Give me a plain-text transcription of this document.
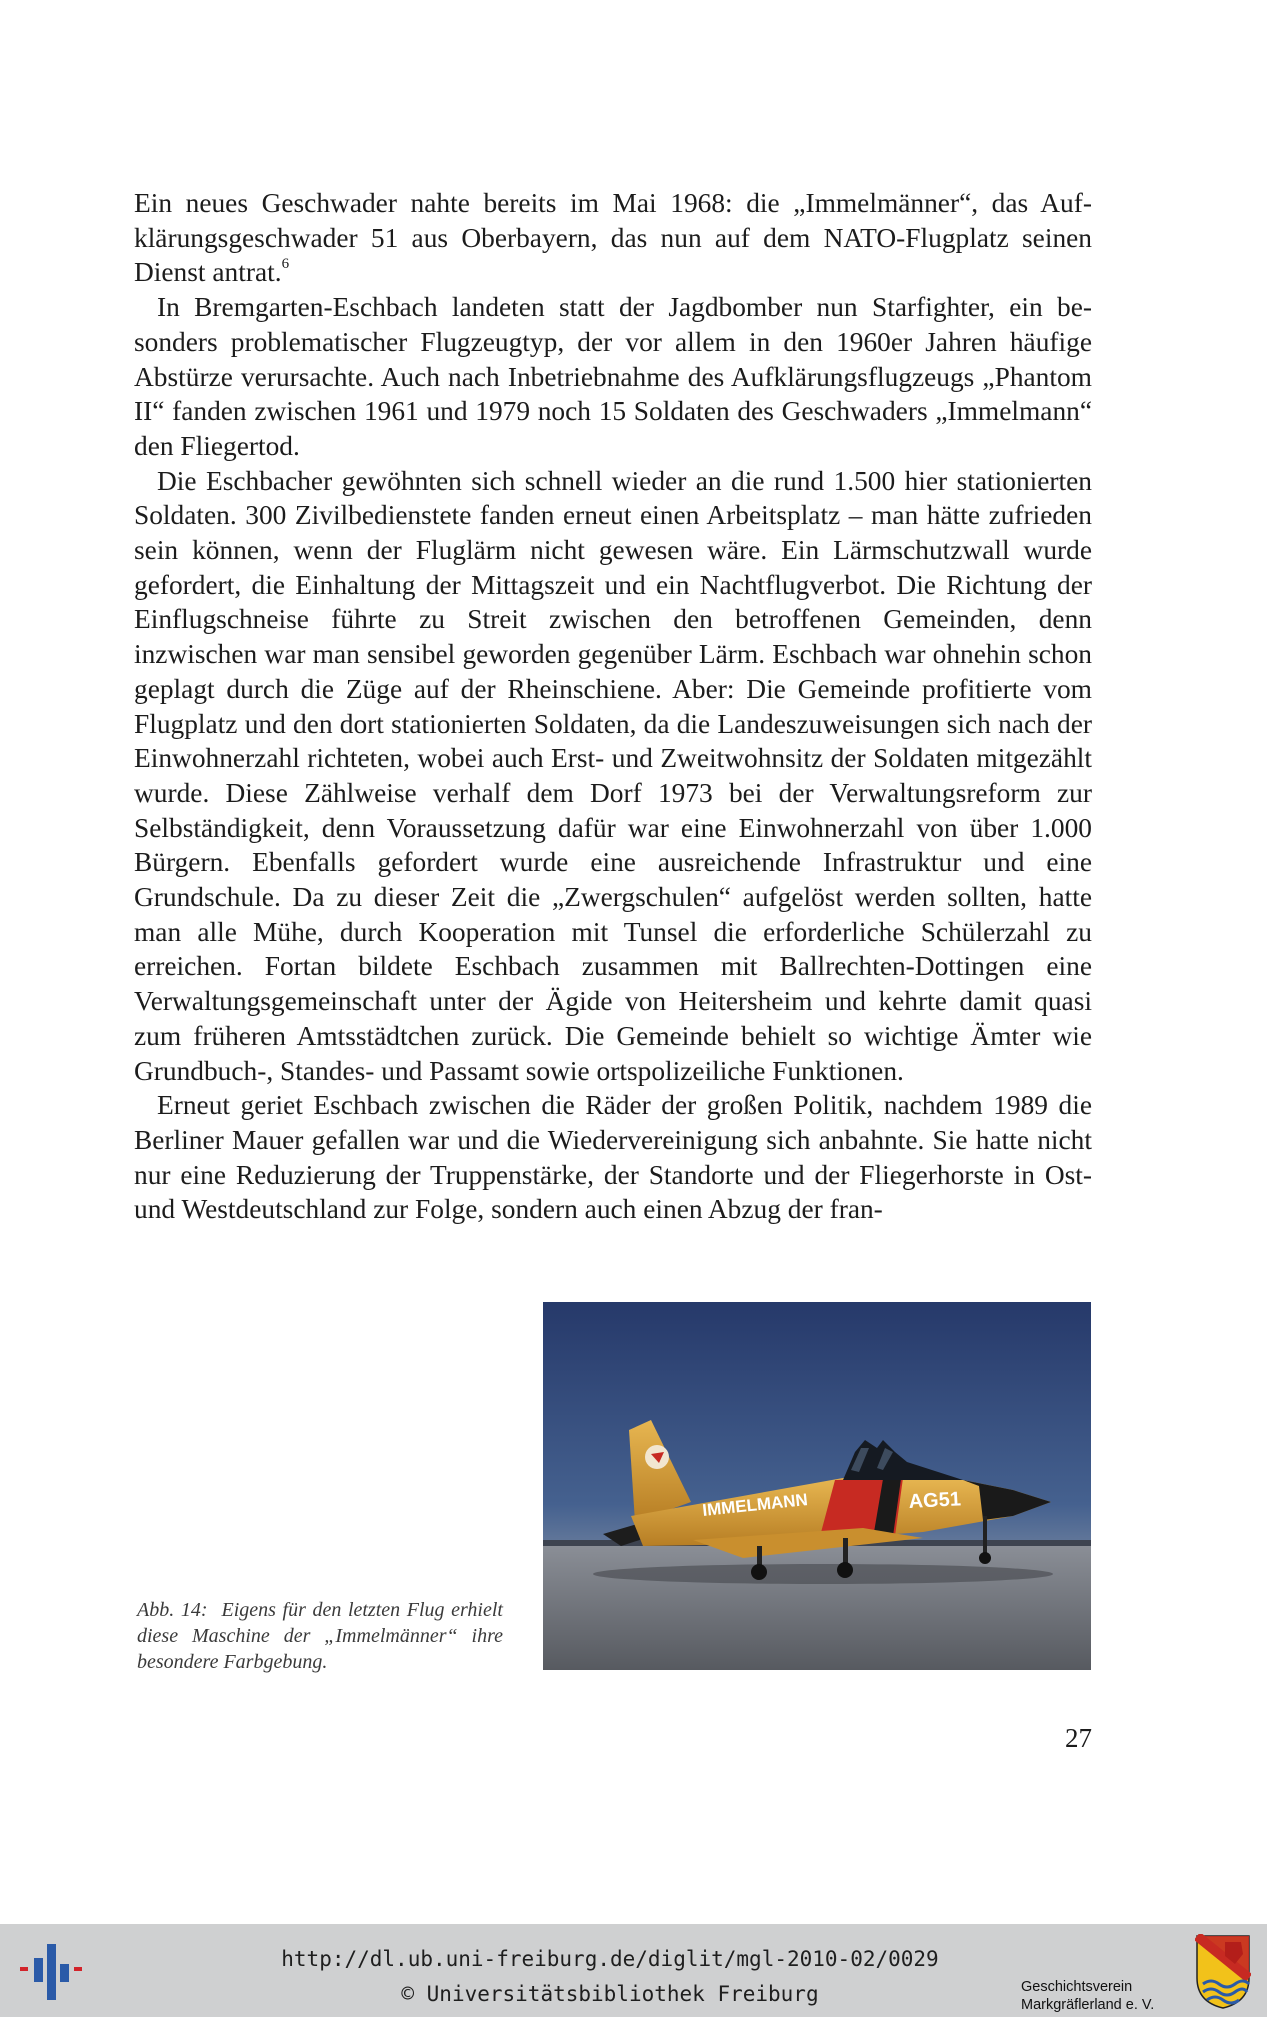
Ein neues Geschwader nahte bereits im Mai 1968: die „Immelmänner“, das Aufklärungsgeschwader 51 aus Oberbayern, das nun auf dem NATO-Flugplatz seinen Dienst antrat.$^6$

In Bremgarten-Eschbach landeten statt der Jagdbomber nun Starfighter, ein besonders problematischer Flugzeugtyp, der vor allem in den 1960er Jahren häufige Abstürze verursachte. Auch nach Inbetriebnahme des Aufklärungsflugzeugs „Phantom II“ fanden zwischen 1961 und 1979 noch 15 Soldaten des Geschwaders „Immelmann“ den Fliegertod.

Die Eschbacher gewöhnten sich schnell wieder an die rund 1.500 hier stationierten Soldaten. 300 Zivilbedienstete fanden erneut einen Arbeitsplatz – man hätte zufrieden sein können, wenn der Fluglärm nicht gewesen wäre. Ein Lärmschutzwall wurde gefordert, die Einhaltung der Mittagszeit und ein Nachtflugverbot. Die Richtung der Einflugschneise führte zu Streit zwischen den betroffenen Gemeinden, denn inzwischen war man sensibel geworden gegenüber Lärm. Eschbach war ohnehin schon geplagt durch die Züge auf der Rheinschiene. Aber: Die Gemeinde profitierte vom Flugplatz und den dort stationierten Soldaten, da die Landeszuweisungen sich nach der Einwohnerzahl richteten, wobei auch Erst- und Zweitwohnsitz der Soldaten mitgezählt wurde. Diese Zählweise verhalf dem Dorf 1973 bei der Verwaltungsreform zur Selbständigkeit, denn Voraussetzung dafür war eine Einwohnerzahl von über 1.000 Bürgern. Ebenfalls gefordert wurde eine ausreichende Infrastruktur und eine Grundschule. Da zu dieser Zeit die „Zwergschulen“ aufgelöst werden sollten, hatte man alle Mühe, durch Kooperation mit Tunsel die erforderliche Schülerzahl zu erreichen. Fortan bildete Eschbach zusammen mit Ballrechten-Dottingen eine Verwaltungsgemeinschaft unter der Ägide von Heitersheim und kehrte damit quasi zum früheren Amtsstädtchen zurück. Die Gemeinde behielt so wichtige Ämter wie Grundbuch-, Standes- und Passamt sowie ortspolizeiliche Funktionen.

Erneut geriet Eschbach zwischen die Räder der großen Politik, nachdem 1989 die Berliner Mauer gefallen war und die Wiedervereinigung sich anbahnte. Sie hatte nicht nur eine Reduzierung der Truppenstärke, der Standorte und der Fliegerhorste in Ost- und Westdeutschland zur Folge, sondern auch einen Abzug der fran-

IMMELMANN	AG51
Abb. 14: Eigens für den letzten Flug erhielt diese Maschine der „Immelmänner“ ihre besondere Farbgebung.
27
http://dl.ub.uni-freiburg.de/diglit/mgl-2010-02/0029
© Universitätsbibliothek Freiburg	Geschichtsverein
Markgräflerland e. V.
